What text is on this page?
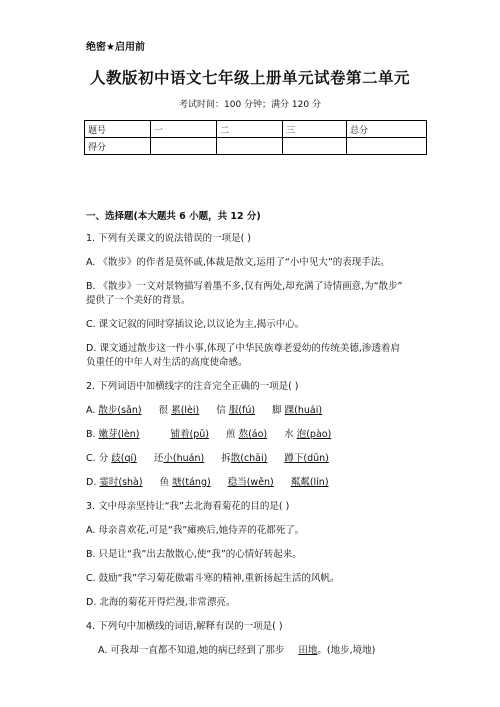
绝密★启用前
人教版初中语文七年级上册单元试卷第二单元
考试时间：100 分钟；满分 120 分
题号	一	二	三	总分
得分				
一、选择题(本大题共 6 小题，共 12 分)
1. 下列有关课文的说法错误的一项是( )
A. 《散步》的作者是莫怀戚,体裁是散文,运用了“小中见大”的表现手法。
B. 《散步》一文对景物描写着墨不多,仅有两处,却充满了诗情画意,为“散步”
提供了一个美好的背景。
C. 课文记叙的同时穿插议论,以议论为主,揭示中心。
D. 课文通过散步这一件小事,体现了中华民族尊老爱幼的传统美德,渗透着肩
负重任的中年人对生活的高度使命感。
2. 下列词语中加横线字的注音完全正确的一项是( )
A. 散步(sǎn) 很 累(lèi) 信 服(fú) 脚 踝(huái)
B. 嫩芽(lèn)	铺着(pū) 煎 熬(áo) 水 泡(pào)
C. 分 歧(qí) 还小(huán) 拆散(chāi) 蹲下(dūn)
D. 霎时(shà) 鱼 塘(táng) 稳当(wěn) 粼粼(lín)
3. 文中母亲坚持让“我”去北海看菊花的目的是( )
A. 母亲喜欢花,可是“我”瘫痪后,她侍弄的花都死了。
B. 只是让“我”出去散散心,使“我”的心情好转起来。
C. 鼓励“我”学习菊花傲霜斗寒的精神,重新扬起生活的风帆。
D. 北海的菊花开得烂漫,非常漂亮。
4. 下列句中加横线的词语,解释有误的一项是( )
A. 可我却一直都不知道,她的病已经到了那步 田地。(地步,境地)
